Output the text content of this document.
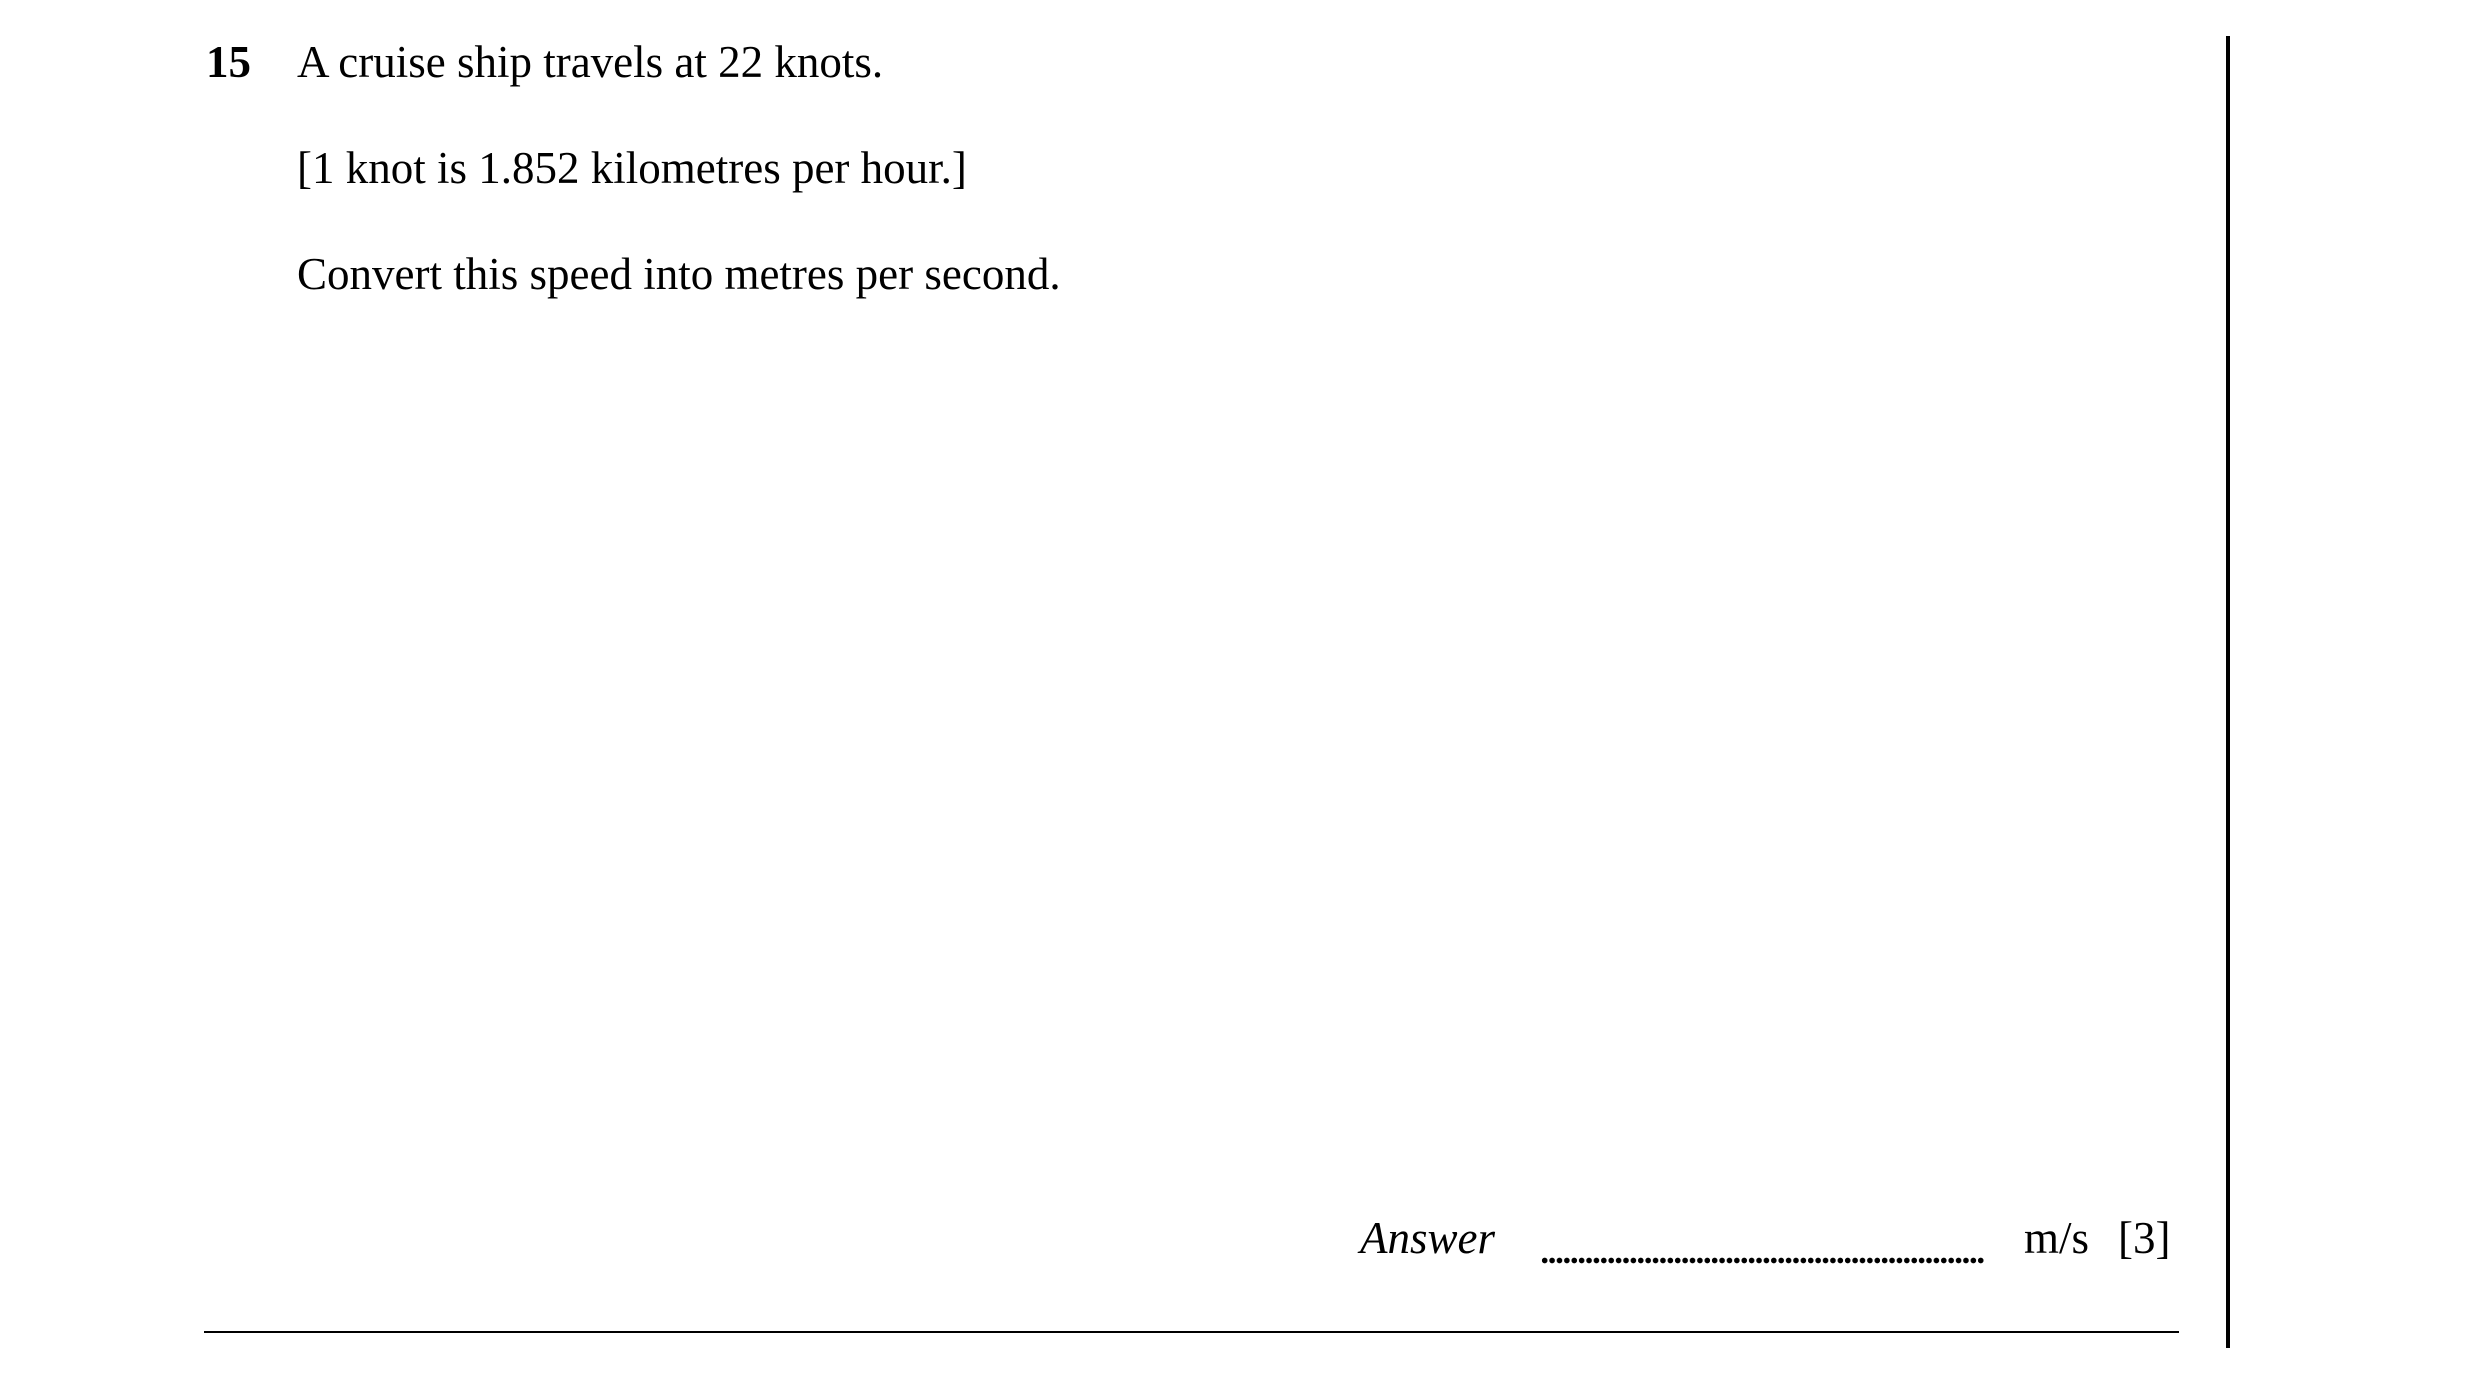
15 A cruise ship travels at 22 knots.
[1 knot is 1.852 kilometres per hour.]
Convert this speed into metres per second.
Answer	m/s [3]
